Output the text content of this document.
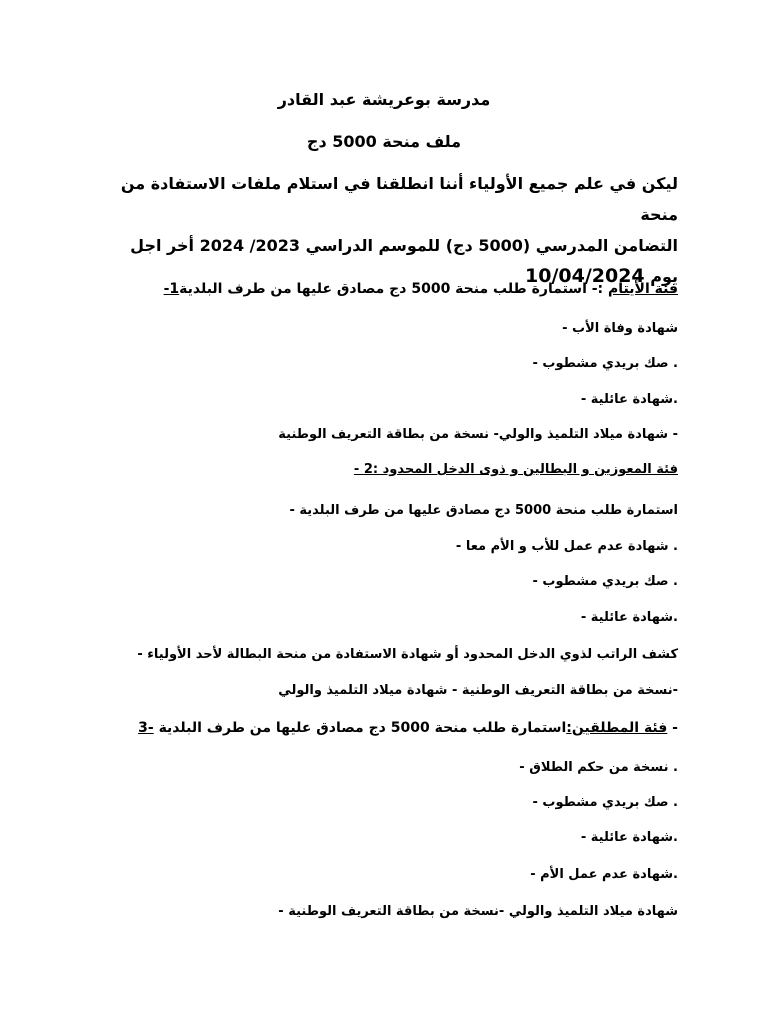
مدرسة بوعريشة عبد القادر

ملف منحة 5000 دج

ليكن في علم جميع الأولياء أننا انطلقنا في استلام ملفات الاستفادة من منحة
التضامن المدرسي (5000 دج) للموسم الدراسي 2023/ 2024 أخر اجل
يوم 10/04/2024

فئة الأيتام :- استمارة طلب منحة 5000 دج مصادق عليها من طرف البلدية1-

شهادة وفاة الأب -

. صك بريدي مشطوب -

.شهادة عائلية -

- شهادة ميلاد التلميذ والولي- نسخة من بطاقة التعريف الوطنية

فئة المعوزين و البطالين و ذوى الدخل المحدود :2 -

استمارة طلب منحة 5000 دج مصادق عليها من طرف البلدية -

. شهادة عدم عمل للأب و الأم معا -

. صك بريدي مشطوب -

.شهادة عائلية -

كشف الراتب لذوي الدخل المحدود أو شهادة الاستفادة من منحة البطالة لأحد الأولياء -

-نسخة من بطاقة التعريف الوطنية - شهادة ميلاد التلميذ والولي

- فئة المطلقين:استمارة طلب منحة 5000 دج مصادق عليها من طرف البلدية -3

. نسخة من حكم الطلاق -

. صك بريدي مشطوب -

.شهادة عائلية -

.شهادة عدم عمل الأم -

شهادة ميلاد التلميذ والولي -نسخة من بطاقة التعريف الوطنية -
